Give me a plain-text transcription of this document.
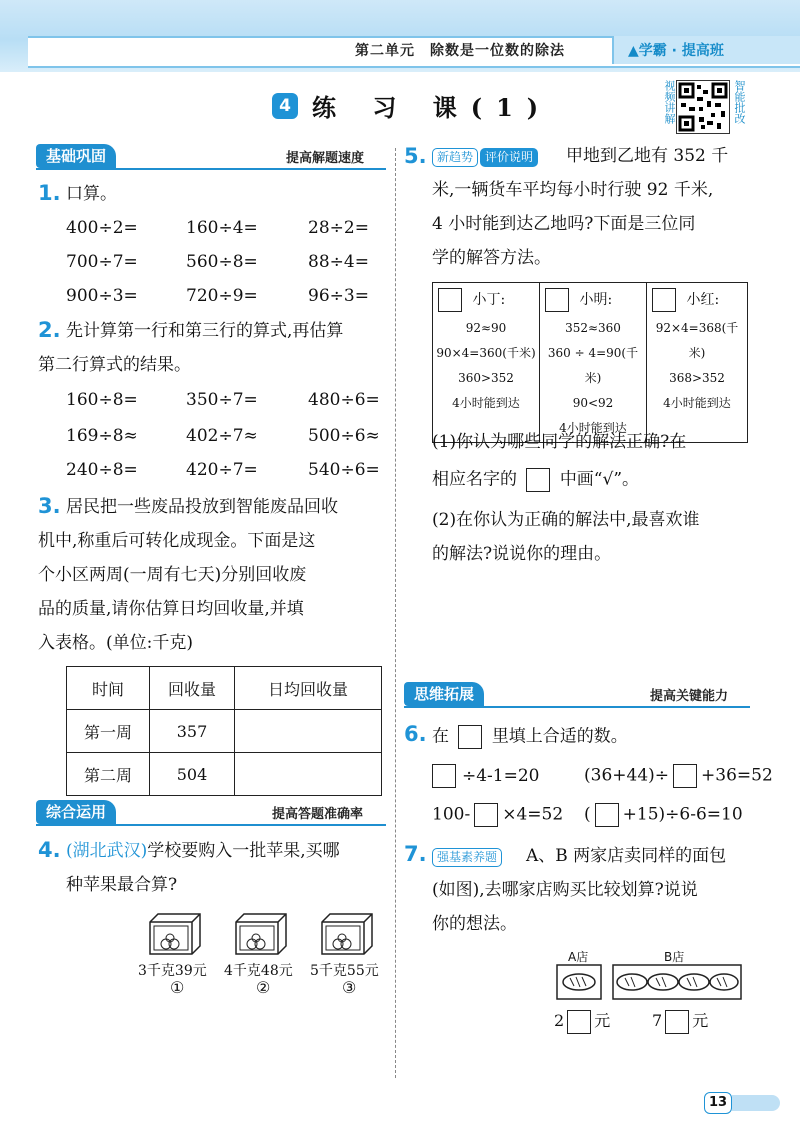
第二单元　除数是一位数的除法	▲学霸 · 提高班
4 练 习 课(1)	视频讲解	智能批改
基础巩固	提高解题速度
1. 口算。
400÷2=	160÷4=	28÷2=
700÷7=	560÷8=	88÷4=
900÷3=	720÷9=	96÷3=
2. 先计算第一行和第三行的算式,再估算
第二行算式的结果。
160÷8=	350÷7=	480÷6=
169÷8≈	402÷7≈	500÷6≈
240÷8=	420÷7=	540÷6=
3. 居民把一些废品投放到智能废品回收
机中,称重后可转化成现金。下面是这
个小区两周(一周有七天)分别回收废
品的质量,请你估算日均回收量,并填
入表格。(单位:千克)
时间	回收量	日均回收量
第一周	357	
第二周	504	
综合运用	提高答题准确率
4. (湖北武汉)学校要购入一批苹果,买哪
种苹果最合算?
3千克39元 4千克48元 5千克55元
①	②	③
5. 新趋势 评价说明 甲地到乙地有 352 千
米,一辆货车平均每小时行驶 92 千米,
4 小时能到达乙地吗?下面是三位同
学的解答方法。
小丁:
92≈90
90×4=360(千米)
360>352
4小时能到达

小明:
352≈360
360 ÷ 4=90(千米)
90<92
4小时能到达

小红:
92×4=368(千米)
368>352
4小时能到达
(1)你认为哪些同学的解法正确?在
相应名字的	中画“√”。
(2)在你认为正确的解法中,最喜欢谁
的解法?说说你的理由。
思维拓展	提高关键能力
6. 在	里填上合适的数。
÷4-1=20	(36+44)÷ +36=52
100- ×4=52 ( +15)÷6-6=10
7. 强基素养题 A、B 两家店卖同样的面包
(如图),去哪家店购买比较划算?说说
你的想法。
A店	B店
2 元	7 元
13
